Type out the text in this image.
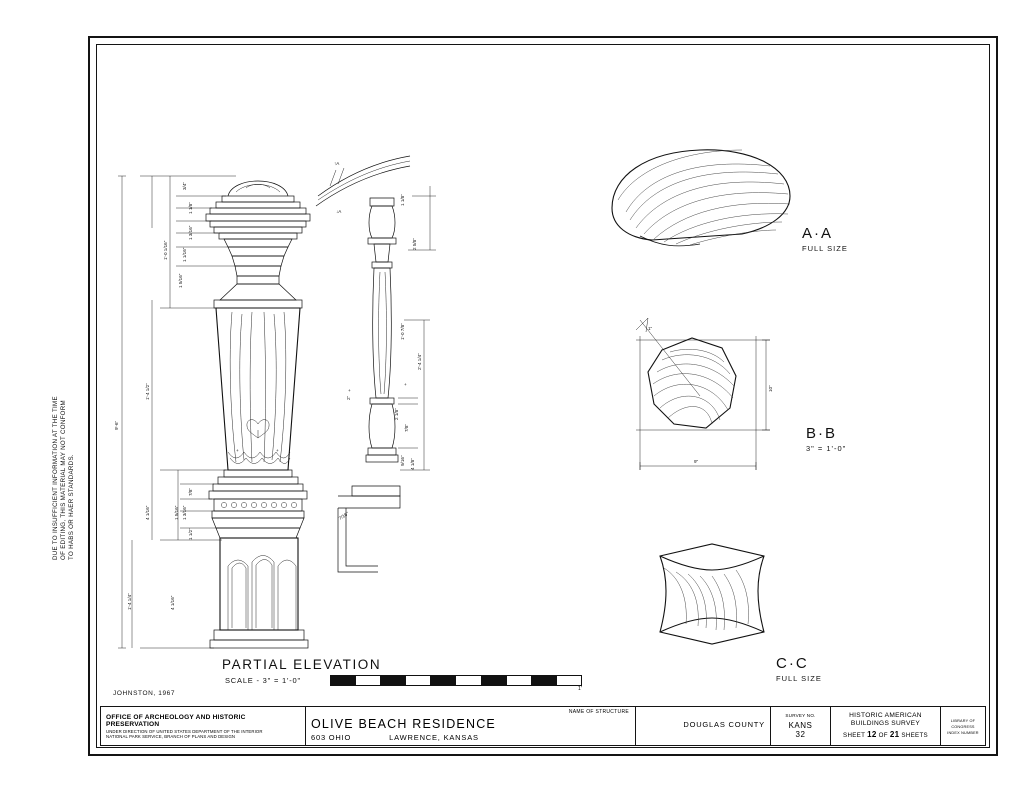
DUE TO INSUFFICIENT INFORMATION AT THE TIME OF EDITING, THIS MATERIAL MAY NOT CONFORM TO HABS OR HAER STANDARDS.
↑A
↓A
9'-6"
1'-4 1/2"
1'-0 1/16"
1'-4 1/4"
4 1/16"	1 5/16"
3/4"
1 1/8"
1 3/16"
1 1/16"
1 5/16"
7/8"
1 3/16"
1 1/2"
4 1/16"
1 1/8"
2 5/8"
2'-4 1/4"
1'-0 7/8"
2 1/8"
7/8"
9/16" 4 1/8"
2"
7/16"
+
+
+	+
1"
10"
9"
A·A
FULL SIZE
B·B
3" = 1'-0"
C·C
FULL SIZE
PARTIAL ELEVATION
SCALE - 3" = 1'-0"
JOHNSTON, 1967
1'
OFFICE OF ARCHEOLOGY AND HISTORIC PRESERVATION
UNDER DIRECTION OF UNITED STATES DEPARTMENT OF THE INTERIOR
NATIONAL PARK SERVICE, BRANCH OF PLANS AND DESIGN
NAME OF STRUCTURE
OLIVE BEACH RESIDENCE
603 OHIO	LAWRENCE, KANSAS
DOUGLAS COUNTY
SURVEY NO.
KANS
32
HISTORIC AMERICAN
BUILDINGS SURVEY
SHEET 12 OF 21 SHEETS
LIBRARY OF CONGRESS
INDEX NUMBER
